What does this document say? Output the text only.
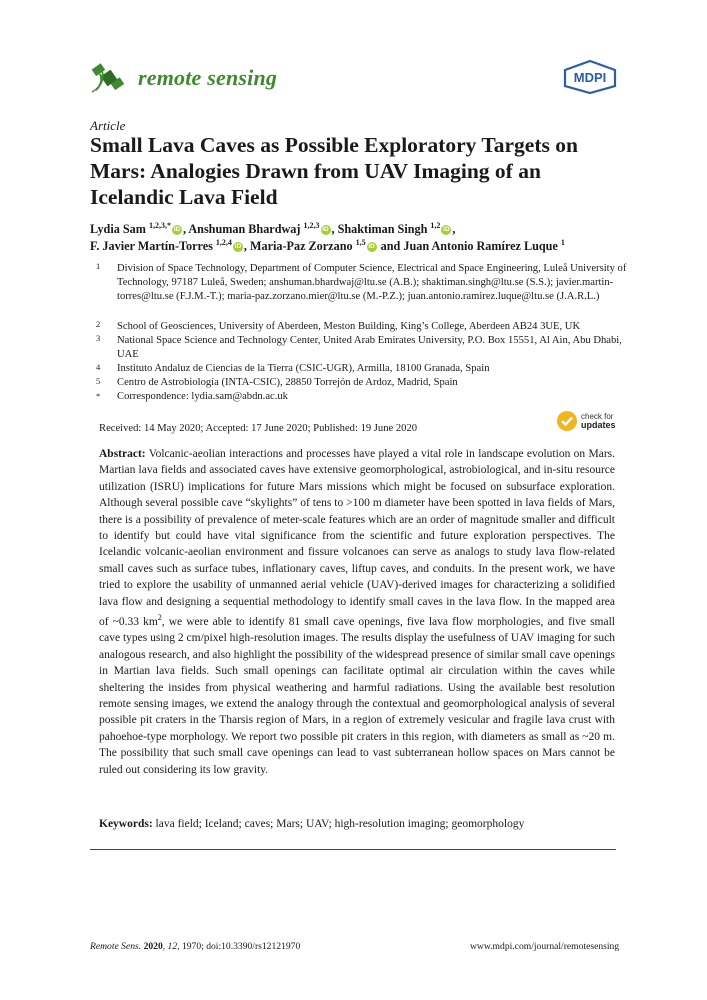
remote sensing	MDPI
Article
Small Lava Caves as Possible Exploratory Targets on Mars: Analogies Drawn from UAV Imaging of an Icelandic Lava Field
Lydia Sam $^{1,2,3,*}$ iD , Anshuman Bhardwaj $^{1,2,3}$ iD , Shaktiman Singh $^{1,2}$ iD ,
F. Javier Martín-Torres $^{1,2,4}$ iD , Maria-Paz Zorzano $^{1,5}$ iD and Juan Antonio Ramírez Luque $^1$
1	Division of Space Technology, Department of Computer Science, Electrical and Space Engineering, Luleå University of Technology, 97187 Luleå, Sweden; anshuman.bhardwaj@ltu.se (A.B.); shaktiman.singh@ltu.se (S.S.); javier.martin-torres@ltu.se (F.J.M.-T.); maria-paz.zorzano.mier@ltu.se (M.-P.Z.); juan.antonio.ramirez.luque@ltu.se (J.A.R.L.)
2	School of Geosciences, University of Aberdeen, Meston Building, King’s College, Aberdeen AB24 3UE, UK
3	National Space Science and Technology Center, United Arab Emirates University, P.O. Box 15551, Al Ain, Abu Dhabi, UAE
4	Instituto Andaluz de Ciencias de la Tierra (CSIC-UGR), Armilla, 18100 Granada, Spain
5	Centro de Astrobiología (INTA-CSIC), 28850 Torrejón de Ardoz, Madrid, Spain
*	Correspondence: lydia.sam@abdn.ac.uk
check for
updates
Received: 14 May 2020; Accepted: 17 June 2020; Published: 19 June 2020
Abstract: Volcanic-aeolian interactions and processes have played a vital role in landscape evolution on Mars. Martian lava fields and associated caves have extensive geomorphological, astrobiological, and in-situ resource utilization (ISRU) implications for future Mars missions which might be focused on subsurface exploration. Although several possible cave “skylights” of tens to >100 m diameter have been spotted in lava fields of Mars, there is a possibility of prevalence of meter-scale features which are an order of magnitude smaller and difficult to identify but could have vital significance from the scientific and future exploration perspectives. The Icelandic volcanic-aeolian environment and fissure volcanoes can serve as analogs to study lava flow-related small caves such as surface tubes, inflationary caves, liftup caves, and conduits. In the present work, we have tried to explore the usability of unmanned aerial vehicle (UAV)-derived images for characterizing a solidified lava flow and designing a sequential methodology to identify small caves in the lava flow. In the mapped area of ~0.33 $km^2$, we were able to identify 81 small cave openings, five lava flow morphologies, and five small cave types using 2 cm/pixel high-resolution images. The results display the usefulness of UAV imaging for such analogous research, and also highlight the possibility of the widespread presence of similar small cave openings in Martian lava fields. Such small openings can facilitate optimal air circulation within the caves while sheltering the insides from physical weathering and harmful radiations. Using the available best resolution remote sensing images, we extend the analogy through the contextual and geomorphological analysis of several possible pit craters in the Tharsis region of Mars, in a region of extremely vesicular and fragile lava crust with pahoehoe-type morphology. We report two possible pit craters in this region, with diameters as small as ~20 m. The possibility that such small cave openings can lead to vast subterranean hollow spaces on Mars cannot be ruled out considering its low gravity.
Keywords: lava field; Iceland; caves; Mars; UAV; high-resolution imaging; geomorphology
Remote Sens. 2020, 12, 1970; doi:10.3390/rs12121970	www.mdpi.com/journal/remotesensing
